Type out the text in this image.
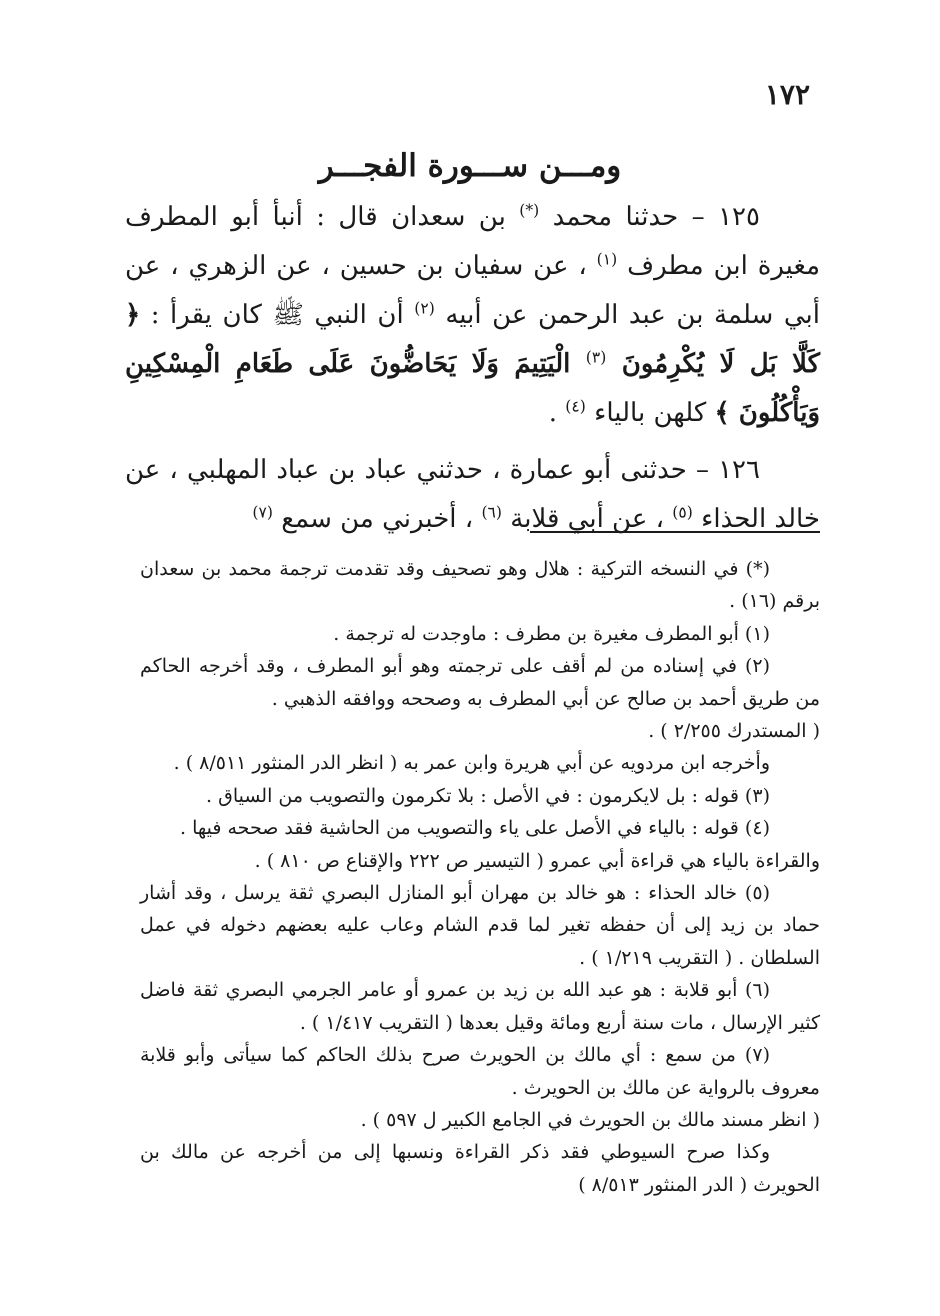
١٧٢
ومـــن ســـورة الفجـــر

١٢٥ – حدثنا محمد (*) بن سعدان قال : أنبأ أبو المطرف مغيرة ابن مطرف $^{(١)}$ ، عن سفيان بن حسين ، عن الزهري ، عن أبي سلمة بن عبد الرحمن عن أبيه $^{(٢)}$ أن النبي ﷺ كان يقرأ : ﴿ كَلَّا بَل لَا يُكْرِمُونَ $^{(٣)}$ الْيَتِيمَ وَلَا يَحَاضُّونَ عَلَى طَعَامِ الْمِسْكِينِ وَيَأْكُلُونَ ﴾ كلهن بالياء $^{(٤)}$ .

١٢٦ – حدثنى أبو عمارة ، حدثني عباد بن عباد المهلبي ، عن خالد الحذاء $^{(٥)}$ ، عن أبي قلابة $^{(٦)}$ ، أخبرني من سمع $^{(٧)}$

(*) في النسخه التركية : هلال وهو تصحيف وقد تقدمت ترجمة محمد بن سعدان برقم (١٦) .

(١) أبو المطرف مغيرة بن مطرف : ماوجدت له ترجمة .

(٢) في إسناده من لم أقف على ترجمته وهو أبو المطرف ، وقد أخرجه الحاكم من طريق أحمد بن صالح عن أبي المطرف به وصححه ووافقه الذهبي .

( المستدرك ٢/٢٥٥ ) .

وأخرجه ابن مردويه عن أبي هريرة وابن عمر به ( انظر الدر المنثور ٨/٥١١ ) .

(٣) قوله : بل لايكرمون : في الأصل : بلا تكرمون والتصويب من السياق .

(٤) قوله : بالياء في الأصل على ياء والتصويب من الحاشية فقد صححه فيها .

والقراءة بالياء هي قراءة أبي عمرو ( التيسير ص ٢٢٢ والإقناع ص ٨١٠ ) .

(٥) خالد الحذاء : هو خالد بن مهران أبو المنازل البصري ثقة يرسل ، وقد أشار حماد بن زيد إلى أن حفظه تغير لما قدم الشام وعاب عليه بعضهم دخوله في عمل السلطان . ( التقريب ١/٢١٩ ) .

(٦) أبو قلابة : هو عبد الله بن زيد بن عمرو أو عامر الجرمي البصري ثقة فاضل كثير الإرسال ، مات سنة أربع ومائة وقيل بعدها ( التقريب ١/٤١٧ ) .

(٧) من سمع : أي مالك بن الحويرث صرح بذلك الحاكم كما سيأتى وأبو قلابة معروف بالرواية عن مالك بن الحويرث .

( انظر مسند مالك بن الحويرث في الجامع الكبير ل ٥٩٧ ) .

وكذا صرح السيوطي فقد ذكر القراءة ونسبها إلى من أخرجه عن مالك بن الحويرث ( الدر المنثور ٨/٥١٣ )
